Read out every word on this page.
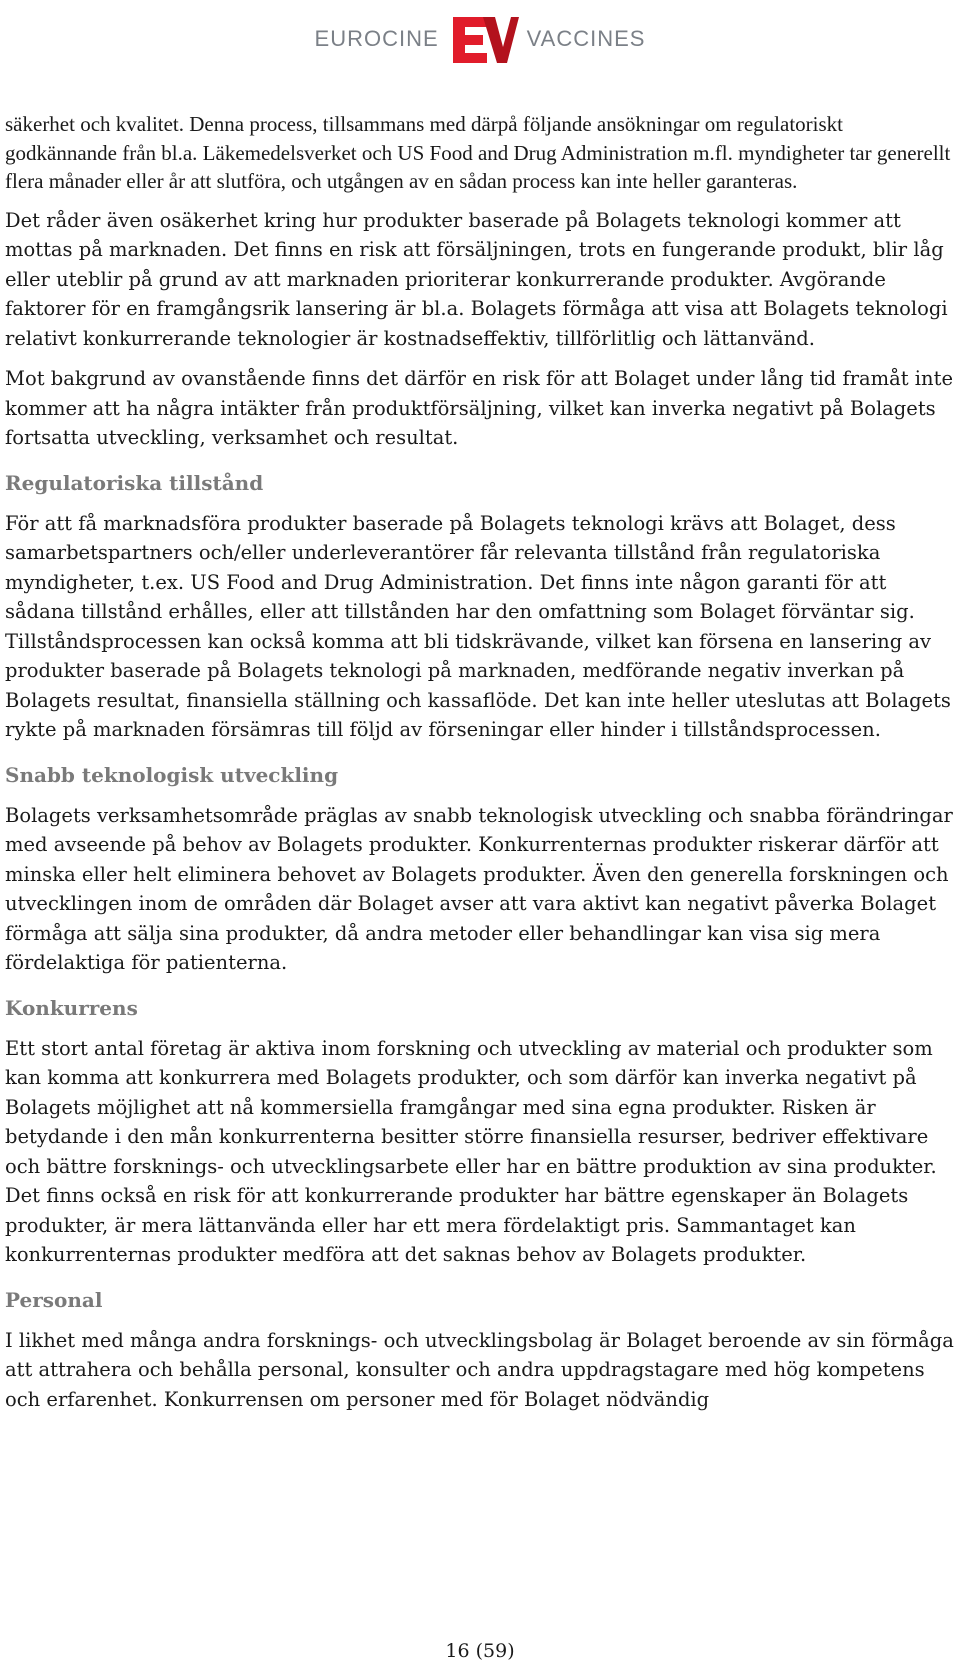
EUROCINE	VACCINES

säkerhet och kvalitet. Denna process, tillsammans med därpå följande ansökningar om regulatoriskt godkännande från bl.a. Läkemedelsverket och US Food and Drug Administration m.fl. myndigheter tar generellt flera månader eller år att slutföra, och utgången av en sådan process kan inte heller garanteras.

Det råder även osäkerhet kring hur produkter baserade på Bolagets teknologi kommer att mottas på marknaden. Det finns en risk att försäljningen, trots en fungerande produkt, blir låg eller uteblir på grund av att marknaden prioriterar konkurrerande produkter. Avgörande faktorer för en framgångsrik lansering är bl.a. Bolagets förmåga att visa att Bolagets teknologi relativt konkurrerande teknologier är kostnadseffektiv, tillförlitlig och lättanvänd.

Mot bakgrund av ovanstående finns det därför en risk för att Bolaget under lång tid framåt inte kommer att ha några intäkter från produktförsäljning, vilket kan inverka negativt på Bolagets fortsatta utveckling, verksamhet och resultat.

Regulatoriska tillstånd

För att få marknadsföra produkter baserade på Bolagets teknologi krävs att Bolaget, dess samarbetspartners och/eller underleverantörer får relevanta tillstånd från regulatoriska myndigheter, t.ex. US Food and Drug Administration. Det finns inte någon garanti för att sådana tillstånd erhålles, eller att tillstånden har den omfattning som Bolaget förväntar sig. Tillståndsprocessen kan också komma att bli tidskrävande, vilket kan försena en lansering av produkter baserade på Bolagets teknologi på marknaden, medförande negativ inverkan på Bolagets resultat, finansiella ställning och kassaflöde. Det kan inte heller uteslutas att Bolagets rykte på marknaden försämras till följd av förseningar eller hinder i tillståndsprocessen.

Snabb teknologisk utveckling

Bolagets verksamhetsområde präglas av snabb teknologisk utveckling och snabba förändringar med avseende på behov av Bolagets produkter. Konkurrenternas produkter riskerar därför att minska eller helt eliminera behovet av Bolagets produkter. Även den generella forskningen och utvecklingen inom de områden där Bolaget avser att vara aktivt kan negativt påverka Bolaget förmåga att sälja sina produkter, då andra metoder eller behandlingar kan visa sig mera fördelaktiga för patienterna.

Konkurrens

Ett stort antal företag är aktiva inom forskning och utveckling av material och produkter som kan komma att konkurrera med Bolagets produkter, och som därför kan inverka negativt på Bolagets möjlighet att nå kommersiella framgångar med sina egna produkter. Risken är betydande i den mån konkurrenterna besitter större finansiella resurser, bedriver effektivare och bättre forsknings- och utvecklingsarbete eller har en bättre produktion av sina produkter. Det finns också en risk för att konkurrerande produkter har bättre egenskaper än Bolagets produkter, är mera lättanvända eller har ett mera fördelaktigt pris. Sammantaget kan konkurrenternas produkter medföra att det saknas behov av Bolagets produkter.

Personal

I likhet med många andra forsknings- och utvecklingsbolag är Bolaget beroende av sin förmåga att attrahera och behålla personal, konsulter och andra uppdragstagare med hög kompetens och erfarenhet. Konkurrensen om personer med för Bolaget nödvändig

16 (59)
